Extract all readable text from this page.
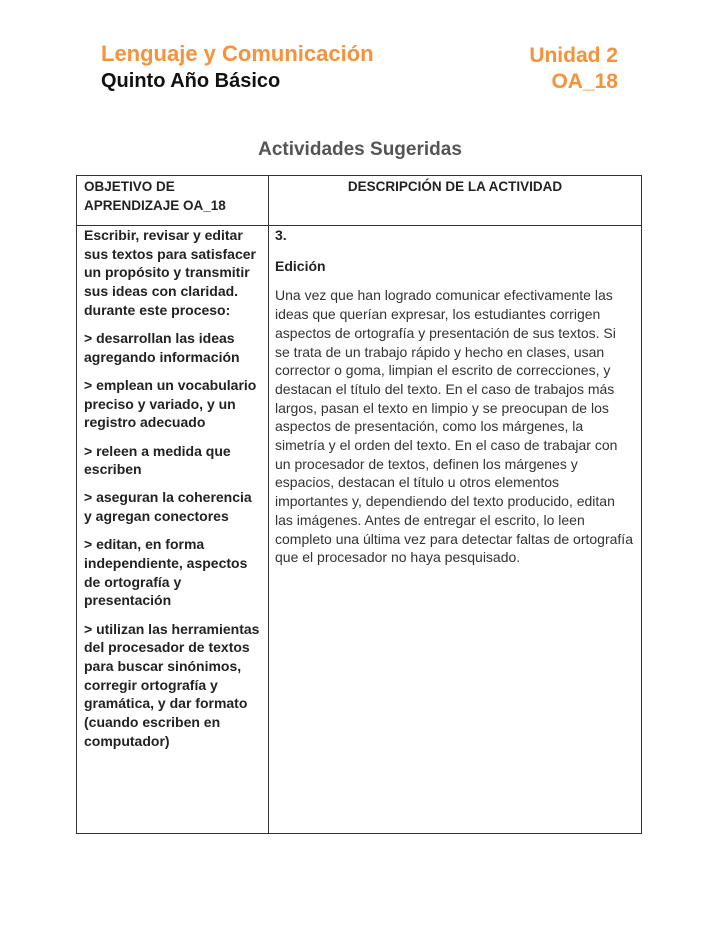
Lenguaje y Comunicación
Quinto Año Básico
Unidad 2
OA_18
Actividades Sugeridas
OBJETIVO DE
APRENDIZAJE OA_18
DESCRIPCIÓN DE LA ACTIVIDAD

Escribir, revisar y editar
sus textos para satisfacer
un propósito y transmitir
sus ideas con claridad.
durante este proceso:

> desarrollan las ideas
agregando información

> emplean un vocabulario
preciso y variado, y un
registro adecuado

> releen a medida que
escriben

> aseguran la coherencia
y agregan conectores

> editan, en forma
independiente, aspectos
de ortografía y
presentación

> utilizan las herramientas
del procesador de textos
para buscar sinónimos,
corregir ortografía y
gramática, y dar formato
(cuando escriben en
computador)

3.

Edición

Una vez que han logrado comunicar efectivamente las
ideas que querían expresar, los estudiantes corrigen
aspectos de ortografía y presentación de sus textos. Si
se trata de un trabajo rápido y hecho en clases, usan
corrector o goma, limpian el escrito de correcciones, y
destacan el título del texto. En el caso de trabajos más
largos, pasan el texto en limpio y se preocupan de los
aspectos de presentación, como los márgenes, la
simetría y el orden del texto. En el caso de trabajar con
un procesador de textos, definen los márgenes y
espacios, destacan el título u otros elementos
importantes y, dependiendo del texto producido, editan
las imágenes. Antes de entregar el escrito, lo leen
completo una última vez para detectar faltas de ortografía
que el procesador no haya pesquisado.
